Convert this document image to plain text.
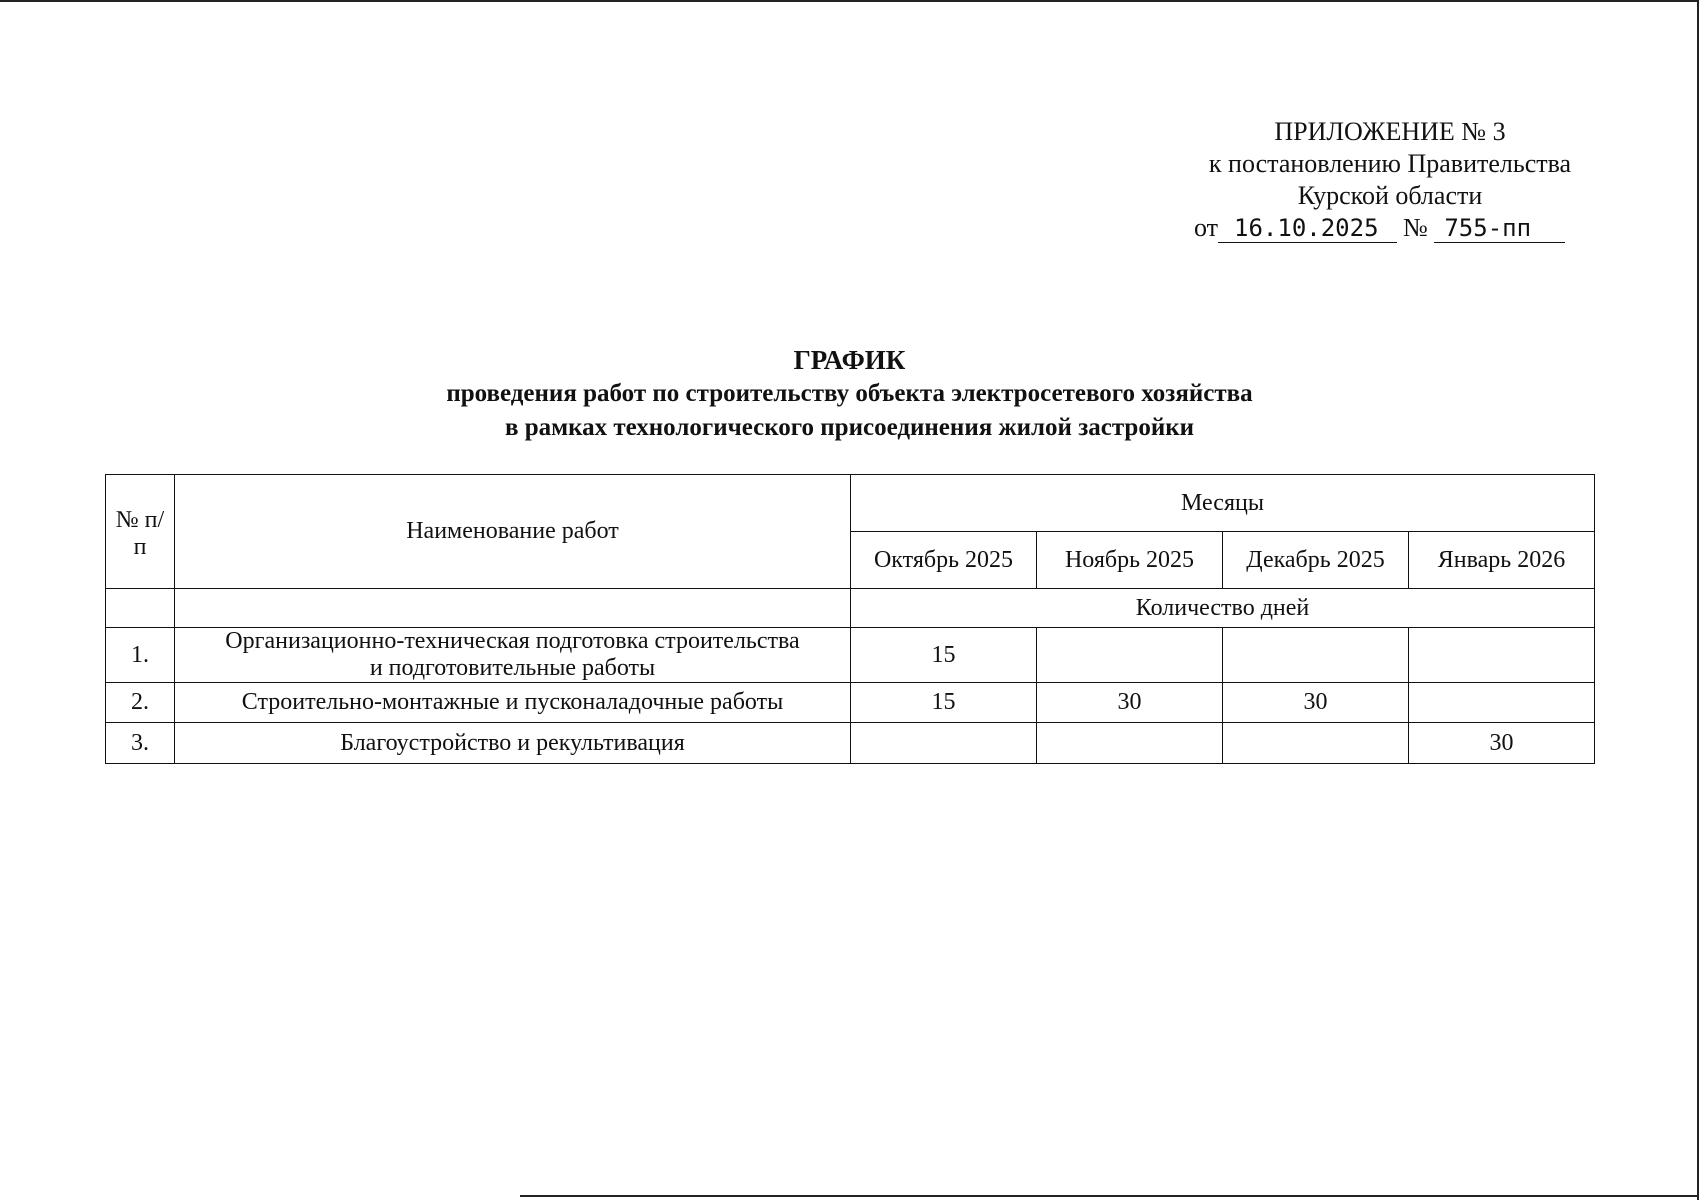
ПРИЛОЖЕНИЕ № 3
к постановлению Правительства
Курской области
от 16.10.2025 № 755-пп
ГРАФИК
проведения работ по строительству объекта электросетевого хозяйства
в рамках технологического присоединения жилой застройки
№ п/п	Наименование работ	Месяцы			
		Октябрь 2025	Ноябрь 2025	Декабрь 2025	Январь 2026
		Количество дней			
1.	Организационно-техническая подготовка строительства
и подготовительные работы	15			
2.	Строительно-монтажные и пусконаладочные работы	15	30	30	
3.	Благоустройство и рекультивация				30
